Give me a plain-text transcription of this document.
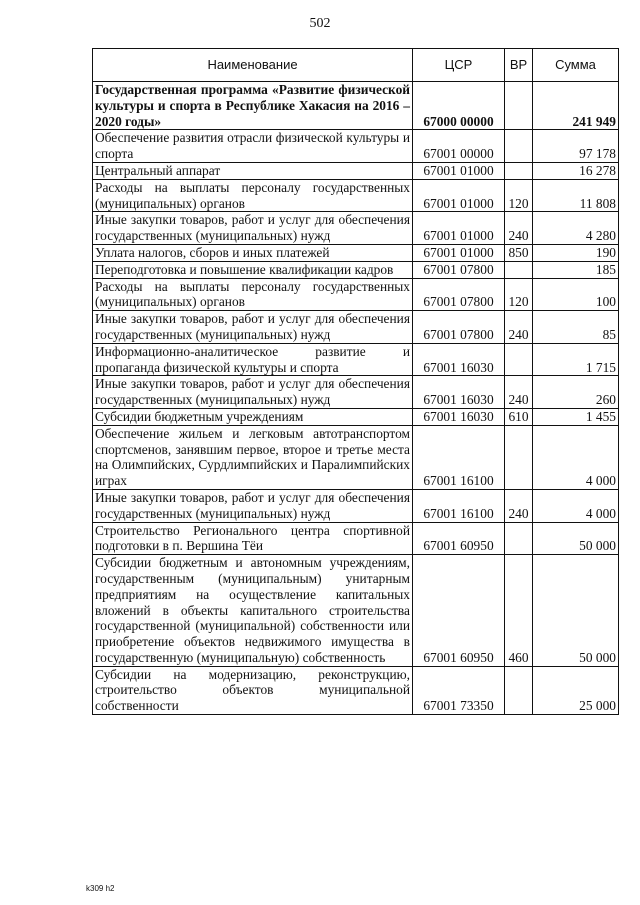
502
Наименование	ЦСР	ВР	Сумма
Государственная программа «Развитие физической культуры и спорта в Республике Хакасия на 2016 – 2020 годы»	67000 00000		241 949
Обеспечение развития отрасли физической культуры и спорта	67001 00000		97 178
Центральный аппарат	67001 01000		16 278
Расходы на выплаты персоналу государственных (муниципальных) органов	67001 01000	120	11 808
Иные закупки товаров, работ и услуг для обеспечения государственных (муниципальных) нужд	67001 01000	240	4 280
Уплата налогов, сборов и иных платежей	67001 01000	850	190
Переподготовка и повышение квалификации кадров	67001 07800		185
Расходы на выплаты персоналу государственных (муниципальных) органов	67001 07800	120	100
Иные закупки товаров, работ и услуг для обеспечения государственных (муниципальных) нужд	67001 07800	240	85
Информационно-аналитическое развитие и пропаганда физической культуры и спорта	67001 16030		1 715
Иные закупки товаров, работ и услуг для обеспечения государственных (муниципальных) нужд	67001 16030	240	260
Субсидии бюджетным учреждениям	67001 16030	610	1 455
Обеспечение жильем и легковым автотранспортом спортсменов, занявшим первое, второе и третье места на Олимпийских, Сурдлимпийских и Паралимпийских играх	67001 16100		4 000
Иные закупки товаров, работ и услуг для обеспечения государственных (муниципальных) нужд	67001 16100	240	4 000
Строительство Регионального центра спортивной подготовки в п. Вершина Тёи	67001 60950		50 000
Субсидии бюджетным и автономным учреждениям, государственным (муниципальным) унитарным предприятиям на осуществление капитальных вложений в объекты капитального строительства государственной (муниципальной) собственности или приобретение объектов недвижимого имущества в государственную (муниципальную) собственность	67001 60950	460	50 000
Субсидии на модернизацию, реконструкцию, строительство объектов муниципальной собственности	67001 73350		25 000
k309 h2
